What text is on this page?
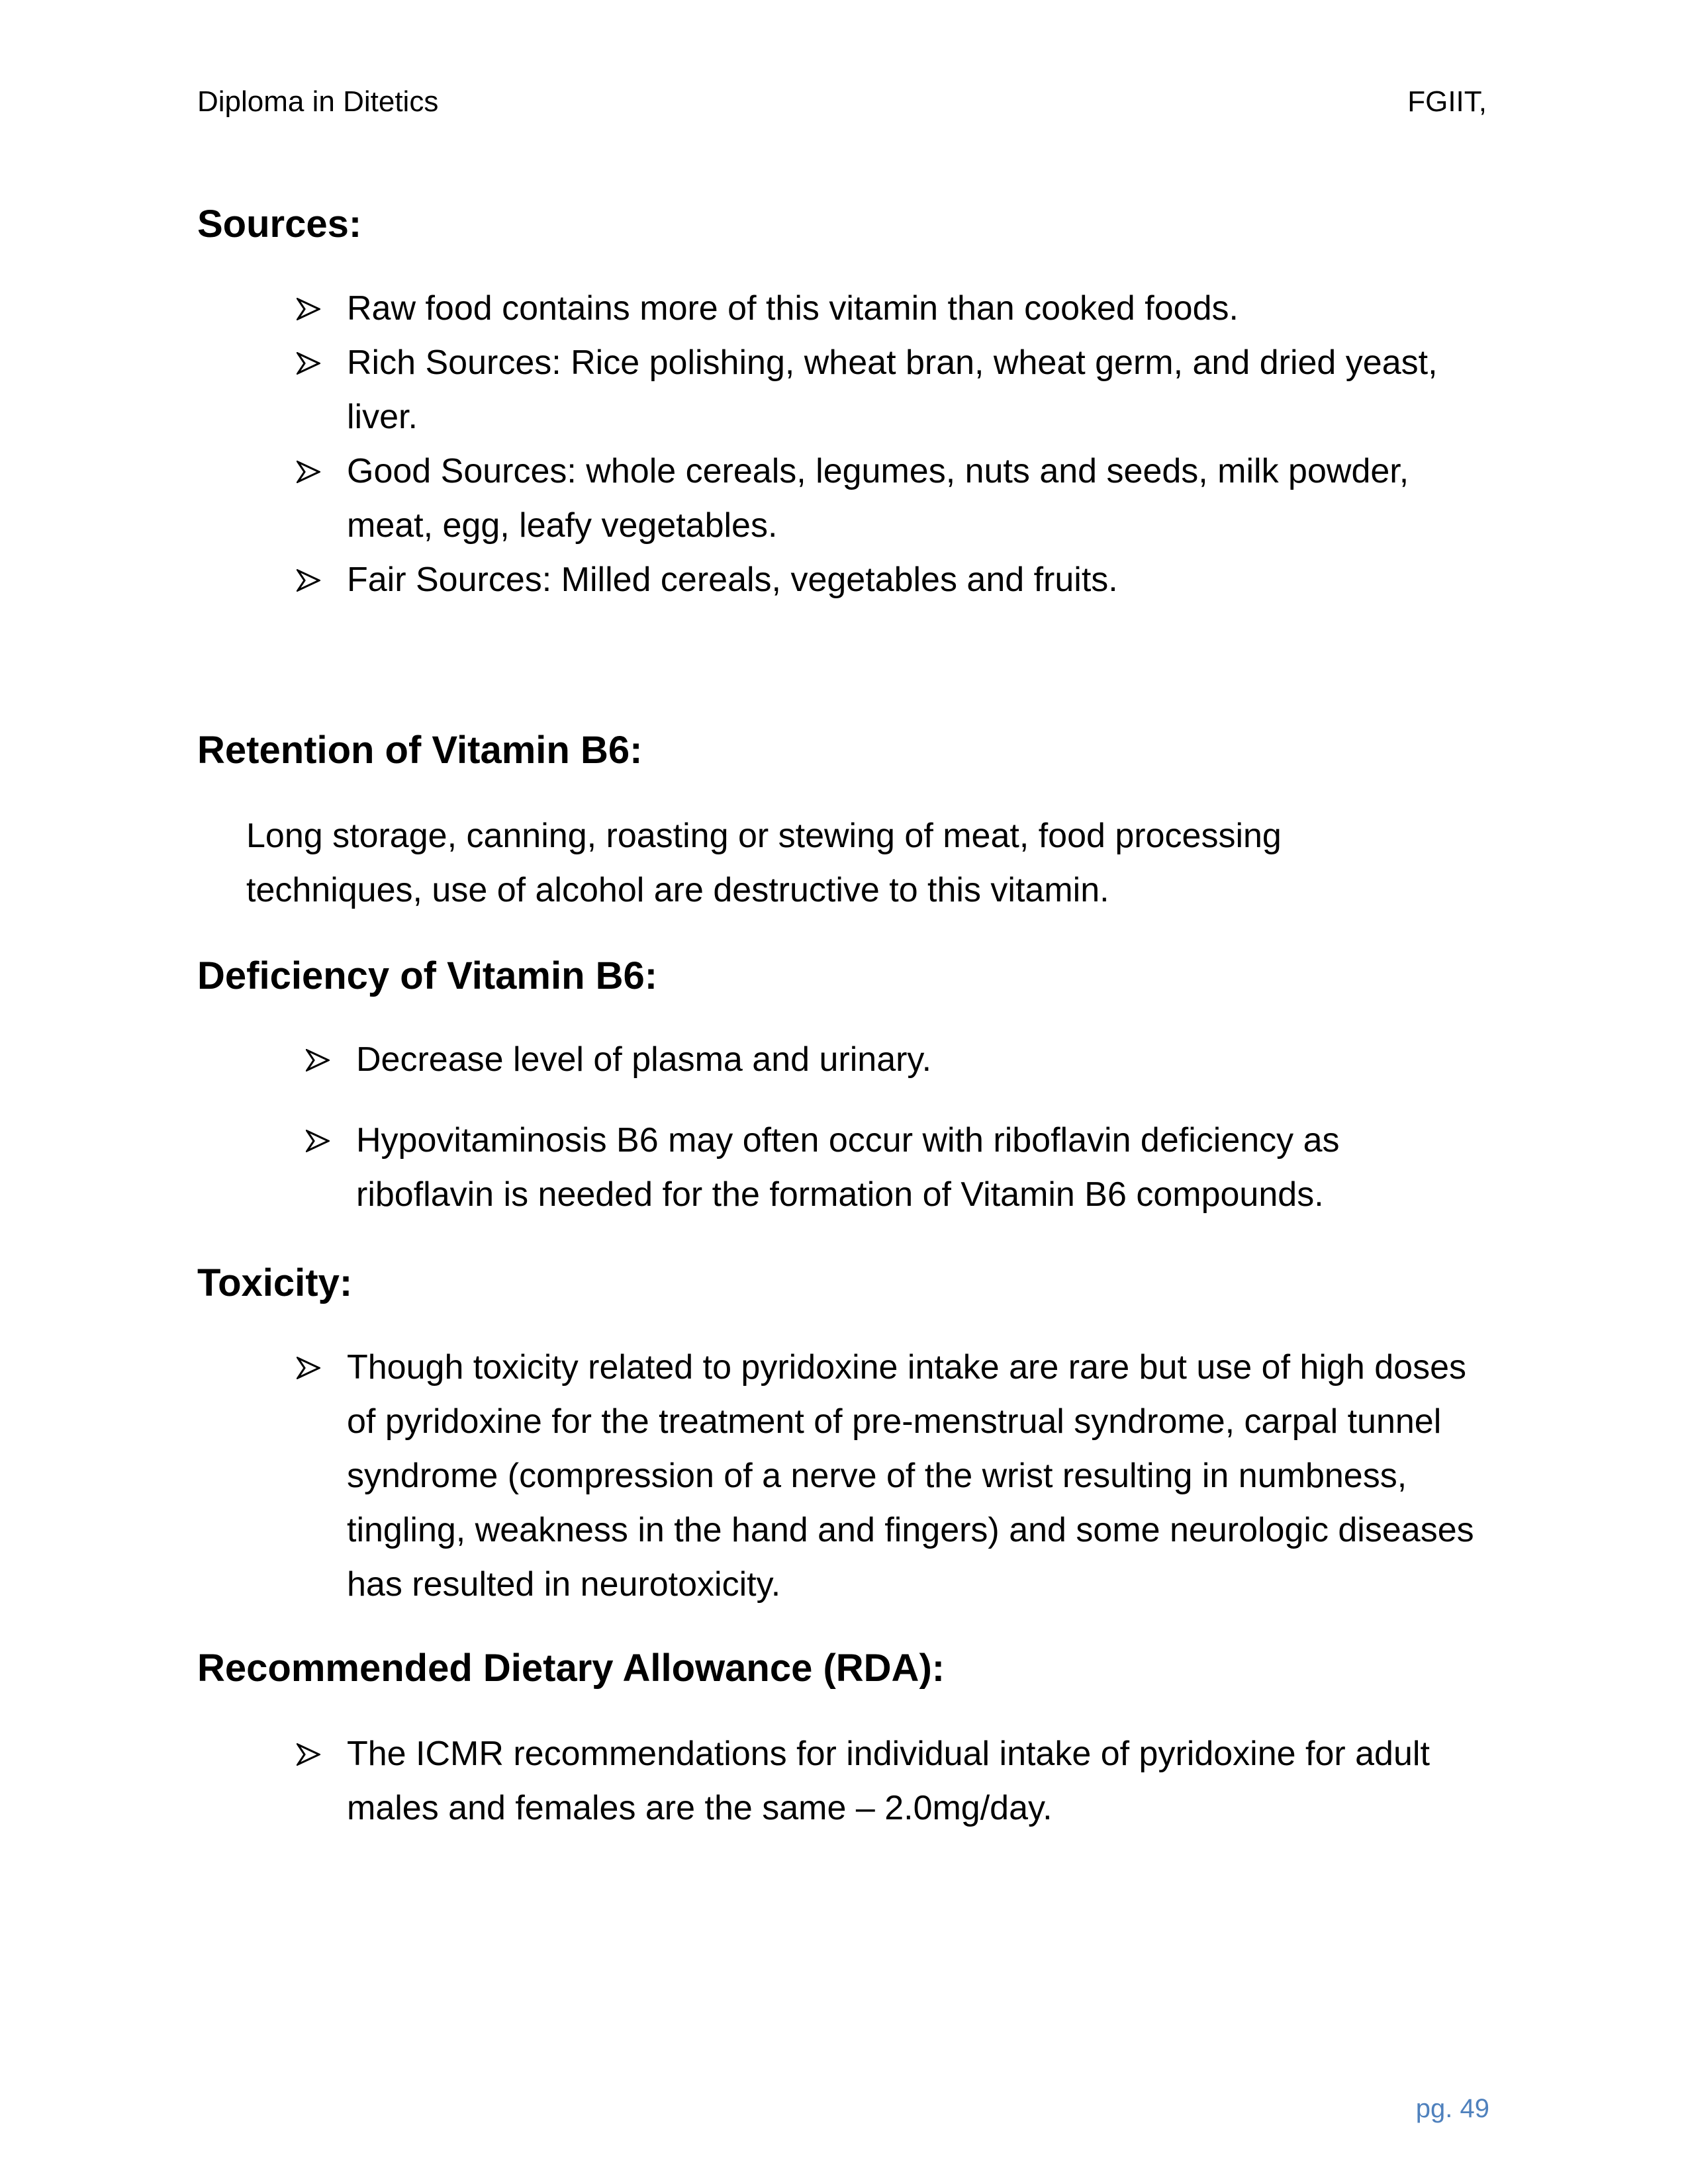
Diploma in Ditetics	FGIIT,
Sources:
Raw food contains more of this vitamin than cooked foods.
Rich Sources: Rice polishing, wheat bran, wheat germ, and dried yeast, liver.
Good Sources: whole cereals, legumes, nuts and seeds, milk powder, meat, egg, leafy vegetables.
Fair Sources: Milled cereals, vegetables and fruits.
Retention of Vitamin B6:
Long storage, canning, roasting or stewing of meat, food processing techniques, use of alcohol are destructive to this vitamin.
Deficiency of Vitamin B6:
Decrease level of plasma and urinary.
Hypovitaminosis B6 may often occur with riboflavin deficiency as riboflavin is needed for the formation of Vitamin B6 compounds.
Toxicity:
Though toxicity related to pyridoxine intake are rare but use of high doses of pyridoxine for the treatment of pre-menstrual syndrome, carpal tunnel syndrome (compression of a nerve of the wrist resulting in numbness, tingling, weakness in the hand and fingers) and some neurologic diseases has resulted in neurotoxicity.
Recommended Dietary Allowance (RDA):
The ICMR recommendations for individual intake of pyridoxine for adult males and females are the same – 2.0mg/day.
pg. 49
